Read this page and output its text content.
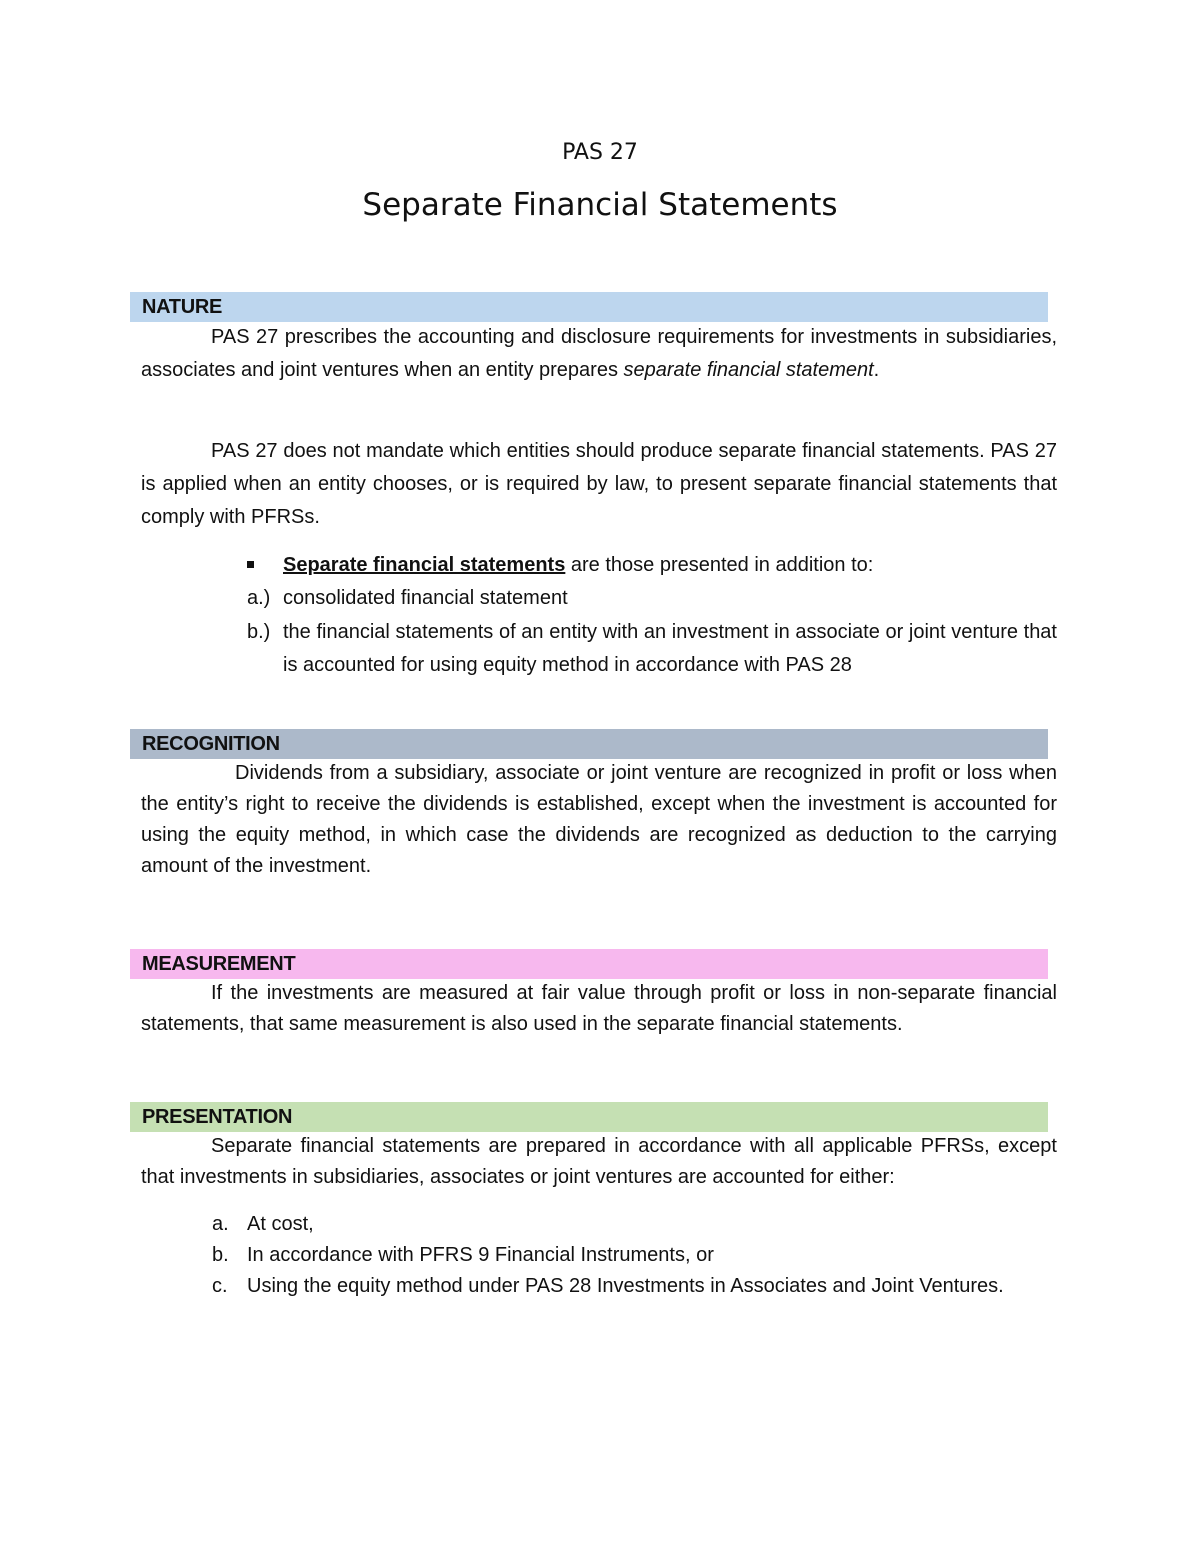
PAS 27
Separate Financial Statements
NATURE
PAS 27 prescribes the accounting and disclosure requirements for investments in subsidiaries, associates and joint ventures when an entity prepares separate financial statement.
PAS 27 does not mandate which entities should produce separate financial statements. PAS 27 is applied when an entity chooses, or is required by law, to present separate financial statements that comply with PFRSs.
Separate financial statements are those presented in addition to:
a.) consolidated financial statement
b.) the financial statements of an entity with an investment in associate or joint venture that is accounted for using equity method in accordance with PAS 28
RECOGNITION
Dividends from a subsidiary, associate or joint venture are recognized in profit or loss when the entity’s right to receive the dividends is established, except when the investment is accounted for using the equity method, in which case the dividends are recognized as deduction to the carrying amount of the investment.
MEASUREMENT
If the investments are measured at fair value through profit or loss in non-separate financial statements, that same measurement is also used in the separate financial statements.
PRESENTATION
Separate financial statements are prepared in accordance with all applicable PFRSs, except that investments in subsidiaries, associates or joint ventures are accounted for either:
a. At cost,
b. In accordance with PFRS 9 Financial Instruments, or
c. Using the equity method under PAS 28 Investments in Associates and Joint Ventures.
